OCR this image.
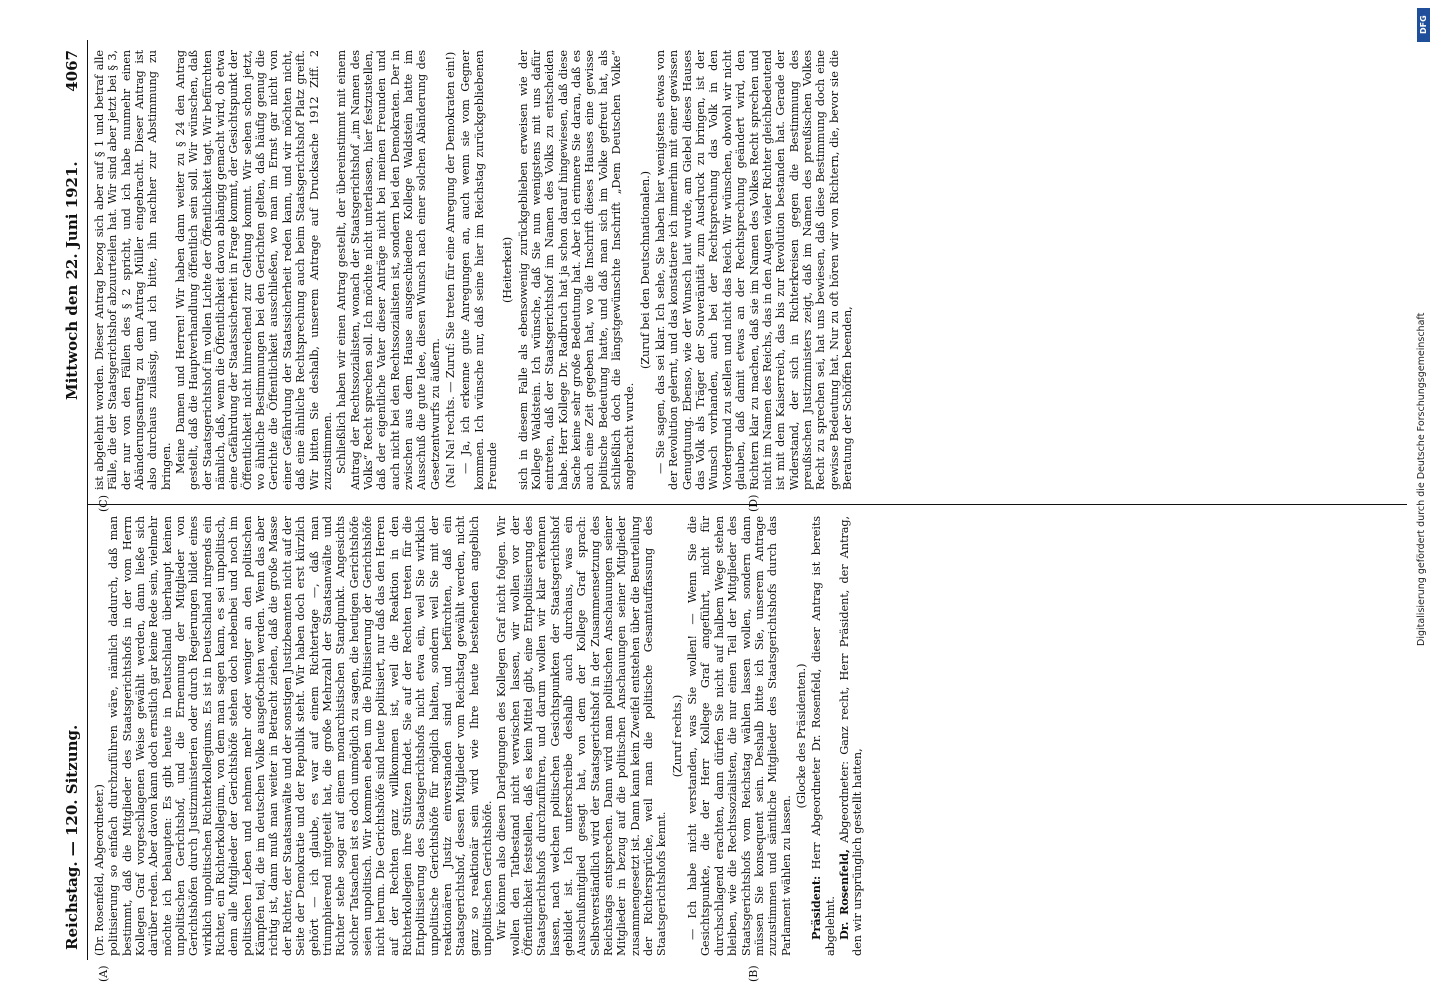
Reichstag. — 120. Sitzung.
Mittwoch den 22. Juni 1921.
4067
(A)	(B)
(C)	(D)

(Dr. Rosenfeld, Abgeordneter.) politisierung so einfach durchzuführen wäre, nämlich dadurch, daß man bestimmt, daß die Mitglieder des Staatsgerichtshofs in der vom Herrn Kollegen Graf vorgeschlagenen Weise gewählt werden, dann ließe sich darüber reden. Aber davon kann doch ernstlich gar keine Rede sein, vielmehr möchte ich behaupten: Es gibt heute in Deutschland überhaupt keinen unpolitischen Gerichtshof, und die Ernennung der Mitglieder von Gerichtshöfen durch Justizministerien oder durch Regierungen bildet eines wirklich unpolitischen Richterkollegiums. Es ist in Deutschland nirgends ein Richter, ein Richterkollegium, von dem man sagen kann, es sei unpolitisch, denn alle Mitglieder der Gerichtshöfe stehen doch nebenbei und noch im politischen Leben und nehmen mehr oder weniger an den politischen Kämpfen teil, die im deutschen Volke ausgefochten werden. Wenn das aber richtig ist, dann muß man weiter in Betracht ziehen, daß die große Masse der Richter, der Staatsanwälte und der sonstigen Justizbeamten nicht auf der Seite der Demokratie und der Republik steht. Wir haben doch erst kürzlich gehört — ich glaube, es war auf einem Richtertage —, daß man triumphierend mitgeteilt hat, die große Mehrzahl der Staatsanwälte und Richter stehe sogar auf einem monarchistischen Standpunkt. Angesichts solcher Tatsachen ist es doch unmöglich zu sagen, die heutigen Gerichtshöfe seien unpolitisch. Wir kommen eben um die Politisierung der Gerichtshöfe nicht herum. Die Gerichtshöfe sind heute politisiert, nur daß das den Herren auf der Rechten ganz willkommen ist, weil die Reaktion in den Richterkollegien ihre Stützen findet. Sie auf der Rechten treten für die Entpolitisierung des Staatsgerichtshofs nicht etwa ein, weil Sie wirklich unpolitische Gerichtshöfe für möglich halten, sondern weil Sie mit der reaktionären Justiz einverstanden sind und befürchten, daß ein Staatsgerichtshof, dessen Mitglieder vom Reichstag gewählt werden, nicht ganz so reaktionär sein wird wie Ihre heute bestehenden angeblich unpolitischen Gerichtshöfe. Wir können also diesen Darlegungen des Kollegen Graf nicht folgen. Wir wollen den Tatbestand nicht verwischen lassen, wir wollen vor der Öffentlichkeit feststellen, daß es kein Mittel gibt, eine Entpolitisierung des Staatsgerichtshofs durchzuführen, und darum wollen wir klar erkennen lassen, nach welchen politischen Gesichtspunkten der Staatsgerichtshof gebildet ist. Ich unterschreibe deshalb auch durchaus, was ein Ausschußmitglied gesagt hat, von dem der Kollege Graf sprach: Selbstverständlich wird der Staatsgerichtshof in der Zusammensetzung des Reichstags entsprechen. Dann wird man politischen Anschauungen seiner Mitglieder in bezug auf die politischen Anschauungen seiner Mitglieder zusammengesetzt ist. Dann kann kein Zweifel entstehen über die Beurteilung der Richtersprüche, weil man die politische Gesamtauffassung des Staatsgerichtshofs kennt.

(Zuruf rechts.) — Ich habe nicht verstanden, was Sie wollen! — Wenn Sie die Gesichtspunkte, die der Herr Kollege Graf angeführt, nicht für durchschlagend erachten, dann dürfen Sie nicht auf halbem Wege stehen bleiben, wie die Rechtssozialisten, die nur einen Teil der Mitglieder des Staatsgerichtshofs vom Reichstag wählen lassen wollen, sondern dann müssen Sie konsequent sein. Deshalb bitte ich Sie, unserem Antrage zuzustimmen und sämtliche Mitglieder des Staatsgerichtshofs durch das Parlament wählen zu lassen.

(Glocke des Präsidenten.)

Präsident: Herr Abgeordneter Dr. Rosenfeld, dieser Antrag ist bereits abgelehnt. Dr. Rosenfeld, Abgeordneter: Ganz recht, Herr Präsident, der Antrag, den wir ursprünglich gestellt hatten,

ist abgelehnt worden. Dieser Antrag bezog sich aber auf § 1 und betraf alle Fälle, die der Staatsgerichtshof abzuurteilen hat. Wir sind aber jetzt bei § 3, der nur von den Fällen des § 2 spricht, und ich habe nunmehr einen Abänderungsantrag zu dem Antrag Müller eingebracht. Dieser Antrag ist also durchaus zulässig, und ich bitte, ihn nachher zur Abstimmung zu bringen. Meine Damen und Herren! Wir haben dann weiter zu § 24 den Antrag gestellt, daß die Hauptverhandlung öffentlich sein soll. Wir wünschen, daß der Staatsgerichtshof im vollen Lichte der Öffentlichkeit tagt. Wir befürchten nämlich, daß, wenn die Öffentlichkeit davon abhängig gemacht wird, ob etwa eine Gefährdung der Staatssicherheit in Frage kommt, der Gesichtspunkt der Öffentlichkeit nicht hinreichend zur Geltung kommt. Wir sehen schon jetzt, wo ähnliche Bestimmungen bei den Gerichten gelten, daß häufig genug die Gerichte die Öffentlichkeit ausschließen, wo man im Ernst gar nicht von einer Gefährdung der Staatssicherheit reden kann, und wir möchten nicht, daß eine ähnliche Rechtsprechung auch beim Staatsgerichtshof Platz greift. Wir bitten Sie deshalb, unserem Antrage auf Drucksache 1912 Ziff. 2 zuzustimmen. Schließlich haben wir einen Antrag gestellt, der übereinstimmt mit einem Antrag der Rechtssozialisten, wonach der Staatsgerichtshof „im Namen des Volks“ Recht sprechen soll. Ich möchte nicht unterlassen, hier festzustellen, daß der eigentliche Vater dieser Anträge nicht bei meinen Freunden und auch nicht bei den Rechtssozialisten ist, sondern bei den Demokraten. Der in zwischen aus dem Hause ausgeschiedene Kollege Waldstein hatte im Ausschuß die gute Idee, diesen Wunsch nach einer solchen Abänderung des Gesetzentwurfs zu äußern. (Na! Na! rechts. — Zuruf: Sie treten für eine Anregung der Demokraten ein!) — Ja, ich erkenne gute Anregungen an, auch wenn sie vom Gegner kommen. Ich wünsche nur, daß seine hier im Reichstag zurückgebliebenen Freunde

(Heiterkeit) sich in diesem Falle als ebensowenig zurückgeblieben erweisen wie der Kollege Waldstein. Ich wünsche, daß Sie nun wenigstens mit uns dafür eintreten, daß der Staatsgerichtshof im Namen des Volks zu entscheiden habe. Herr Kollege Dr. Radbruch hat ja schon darauf hingewiesen, daß diese Sache keine sehr große Bedeutung hat. Aber ich erinnere Sie daran, daß es auch eine Zeit gegeben hat, wo die Inschrift dieses Hauses eine gewisse politische Bedeutung hatte, und daß man sich im Volke gefreut hat, als schließlich doch die längstgewünschte Inschrift „Dem Deutschen Volke“ angebracht wurde.

(Zuruf bei den Deutschnationalen.) — Sie sagen, das sei klar. Ich sehe, Sie haben hier wenigstens etwas von der Revolution gelernt, und das konstatiere ich immerhin mit einer gewissen Genugtuung. Ebenso, wie der Wunsch laut wurde, am Giebel dieses Hauses das Volk als Träger der Souveränität zum Ausdruck zu bringen, ist der Wunsch vorhanden, auch bei der Rechtsprechung das Volk in den Vordergrund zu stellen und nicht das Reich. Wir wünschen, obwohl wir nicht glauben, daß damit etwas an der Rechtsprechung geändert wird, den Richtern klar zu machen, daß sie im Namen des Volkes Recht sprechen und nicht im Namen des Reichs, das in den Augen vieler Richter gleichbedeutend ist mit dem Kaiserreich, das bis zur Revolution bestanden hat. Gerade der Widerstand, der sich in Richterkreisen gegen die Bestimmung des preußischen Justizministers zeigt, daß im Namen des preußischen Volkes Recht zu sprechen sei, hat uns bewiesen, daß diese Bestimmung doch eine gewisse Bedeutung hat. Nur zu oft hören wir von Richtern, die, bevor sie die Beratung der Schöffen beenden,

DFG
Digitalisierung gefördert durch die Deutsche Forschungsgemeinschaft
